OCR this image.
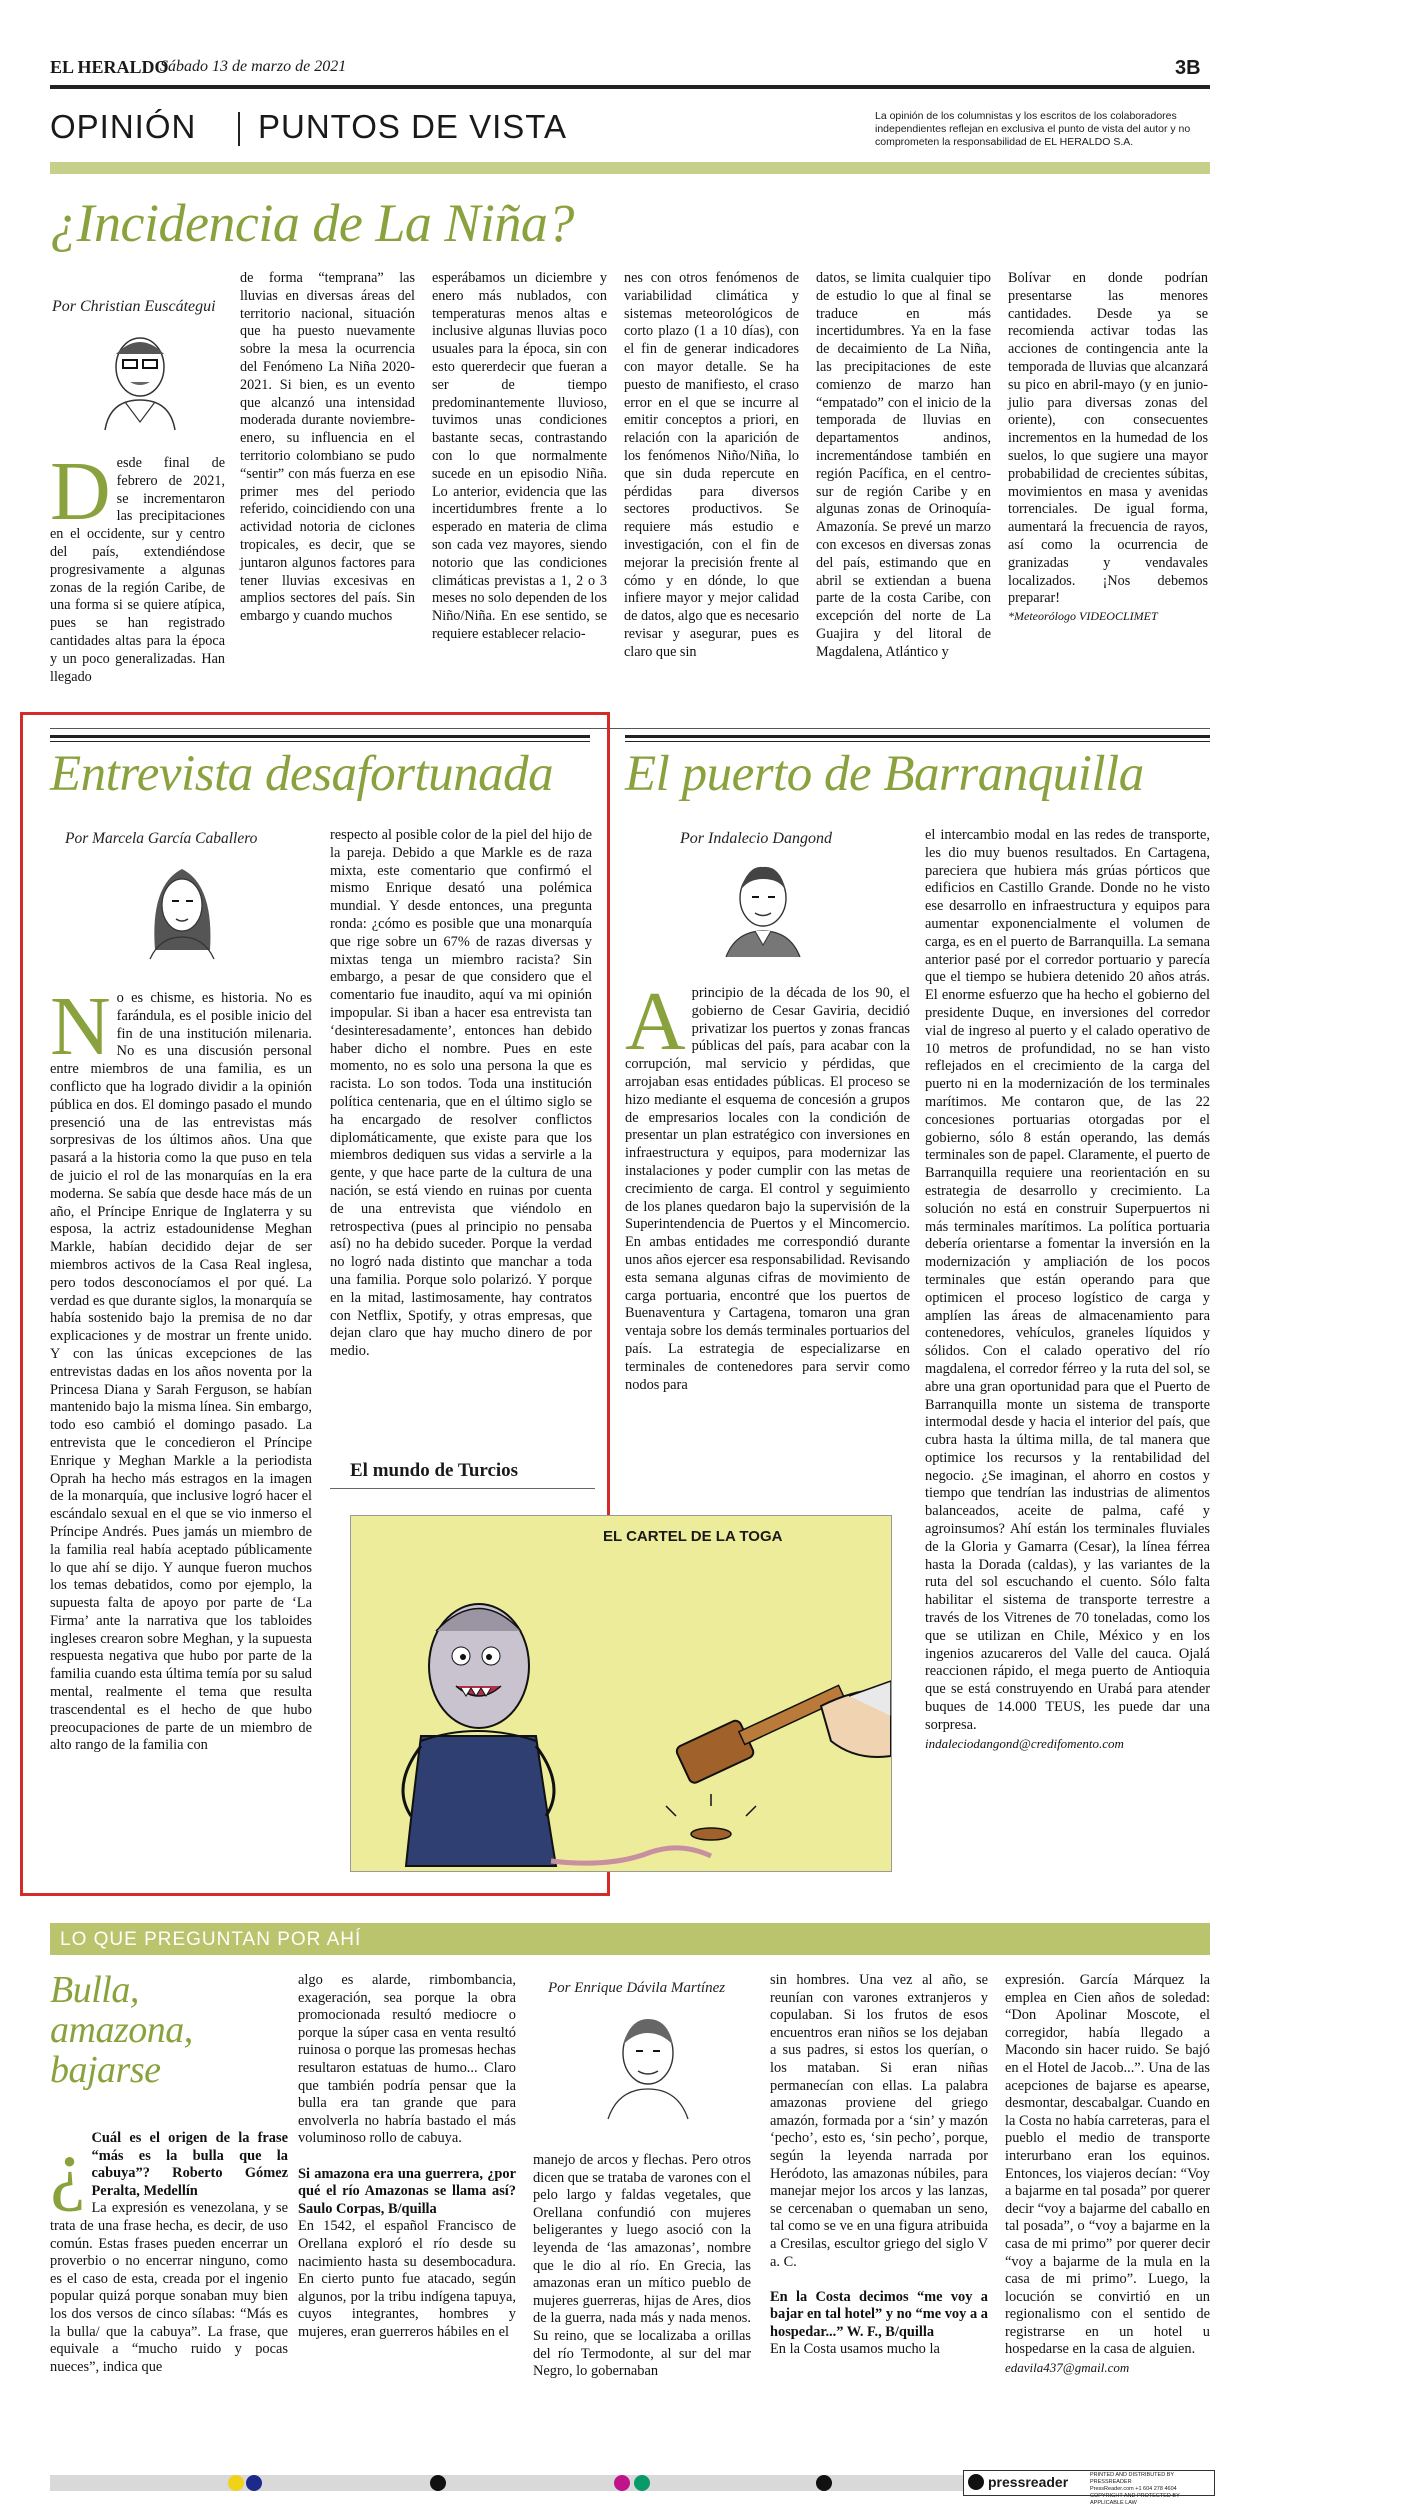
EL HERALDO
Sábado 13 de marzo de 2021	3B
OPINIÓN PUNTOS DE VISTA	La opinión de los columnistas y los escritos de los colaboradores independientes reflejan en exclusiva el punto de vista del autor y no comprometen la responsabilidad de EL HERALDO S.A.
¿Incidencia de La Niña?
Por Christian Euscátegui
Desde final de febrero de 2021, se incrementaron las precipitaciones en el occidente, sur y centro del país, extendiéndose progresivamente a algunas zonas de la región Caribe, de una forma si se quiere atípica, pues se han registrado cantidades altas para la época y un poco generalizadas. Han llegado
de forma “temprana” las lluvias en diversas áreas del territorio nacional, situación que ha puesto nuevamente sobre la mesa la ocurrencia del Fenómeno La Niña 2020-2021. Si bien, es un evento que alcanzó una intensidad moderada durante noviembre-enero, su influencia en el territorio colombiano se pudo “sentir” con más fuerza en ese primer mes del periodo referido, coincidiendo con una actividad notoria de ciclones tropicales, es decir, que se juntaron algunos factores para tener lluvias excesivas en amplios sectores del país. Sin embargo y cuando muchos
esperábamos un diciembre y enero más nublados, con temperaturas menos altas e inclusive algunas lluvias poco usuales para la época, sin con esto quererdecir que fueran a ser de tiempo predominantemente lluvioso, tuvimos unas condiciones bastante secas, contrastando con lo que normalmente sucede en un episodio Niña. Lo anterior, evidencia que las incertidumbres frente a lo esperado en materia de clima son cada vez mayores, siendo notorio que las condiciones climáticas previstas a 1, 2 o 3 meses no solo dependen de los Niño/Niña. En ese sentido, se requiere establecer relacio-
nes con otros fenómenos de variabilidad climática y sistemas meteorológicos de corto plazo (1 a 10 días), con el fin de generar indicadores con mayor detalle. Se ha puesto de manifiesto, el craso error en el que se incurre al emitir conceptos a priori, en relación con la aparición de los fenómenos Niño/Niña, lo que sin duda repercute en pérdidas para diversos sectores productivos. Se requiere más estudio e investigación, con el fin de mejorar la precisión frente al cómo y en dónde, lo que infiere mayor y mejor calidad de datos, algo que es necesario revisar y asegurar, pues es claro que sin
datos, se limita cualquier tipo de estudio lo que al final se traduce en más incertidumbres. Ya en la fase de decaimiento de La Niña, las precipitaciones de este comienzo de marzo han “empatado” con el inicio de la temporada de lluvias en departamentos andinos, incrementándose también en región Pacífica, en el centro-sur de región Caribe y en algunas zonas de Orinoquía-Amazonía. Se prevé un marzo con excesos en diversas zonas del país, estimando que en abril se extiendan a buena parte de la costa Caribe, con excepción del norte de La Guajira y del litoral de Magdalena, Atlántico y
Bolívar en donde podrían presentarse las menores cantidades. Desde ya se recomienda activar todas las acciones de contingencia ante la temporada de lluvias que alcanzará su pico en abril-mayo (y en junio-julio para diversas zonas del oriente), con consecuentes incrementos en la humedad de los suelos, lo que sugiere una mayor probabilidad de crecientes súbitas, movimientos en masa y avenidas torrenciales. De igual forma, aumentará la frecuencia de rayos, así como la ocurrencia de granizadas y vendavales localizados. ¡Nos debemos preparar!
*Meteorólogo VIDEOCLIMET
Entrevista desafortunada
Por Marcela García Caballero
No es chisme, es historia. No es farándula, es el posible inicio del fin de una institución milenaria. No es una discusión personal entre miembros de una familia, es un conflicto que ha logrado dividir a la opinión pública en dos. El domingo pasado el mundo presenció una de las entrevistas más sorpresivas de los últimos años. Una que pasará a la historia como la que puso en tela de juicio el rol de las monarquías en la era moderna. Se sabía que desde hace más de un año, el Príncipe Enrique de Inglaterra y su esposa, la actriz estadounidense Meghan Markle, habían decidido dejar de ser miembros activos de la Casa Real inglesa, pero todos desconocíamos el por qué. La verdad es que durante siglos, la monarquía se había sostenido bajo la premisa de no dar explicaciones y de mostrar un frente unido. Y con las únicas excepciones de las entrevistas dadas en los años noventa por la Princesa Diana y Sarah Ferguson, se habían mantenido bajo la misma línea. Sin embargo, todo eso cambió el domingo pasado. La entrevista que le concedieron el Príncipe Enrique y Meghan Markle a la periodista Oprah ha hecho más estragos en la imagen de la monarquía, que inclusive logró hacer el escándalo sexual en el que se vio inmerso el Príncipe Andrés. Pues jamás un miembro de la familia real había aceptado públicamente lo que ahí se dijo. Y aunque fueron muchos los temas debatidos, como por ejemplo, la supuesta falta de apoyo por parte de ‘La Firma’ ante la narrativa que los tabloides ingleses crearon sobre Meghan, y la supuesta respuesta negativa que hubo por parte de la familia cuando esta última temía por su salud mental, realmente el tema que resulta trascendental es el hecho de que hubo preocupaciones de parte de un miembro de alto rango de la familia con
respecto al posible color de la piel del hijo de la pareja. Debido a que Markle es de raza mixta, este comentario que confirmó el mismo Enrique desató una polémica mundial. Y desde entonces, una pregunta ronda: ¿cómo es posible que una monarquía que rige sobre un 67% de razas diversas y mixtas tenga un miembro racista? Sin embargo, a pesar de que considero que el comentario fue inaudito, aquí va mi opinión impopular. Si iban a hacer esa entrevista tan ‘desinteresadamente’, entonces han debido haber dicho el nombre. Pues en este momento, no es solo una persona la que es racista. Lo son todos. Toda una institución política centenaria, que en el último siglo se ha encargado de resolver conflictos diplomáticamente, que existe para que los miembros dediquen sus vidas a servirle a la gente, y que hace parte de la cultura de una nación, se está viendo en ruinas por cuenta de una entrevista que viéndolo en retrospectiva (pues al principio no pensaba así) no ha debido suceder. Porque la verdad no logró nada distinto que manchar a toda una familia. Porque solo polarizó. Y porque en la mitad, lastimosamente, hay contratos con Netflix, Spotify, y otras empresas, que dejan claro que hay mucho dinero de por medio.
El mundo de Turcios
EL CARTEL DE LA TOGA
El puerto de Barranquilla
Por Indalecio Dangond
Aprincipio de la década de los 90, el gobierno de Cesar Gaviria, decidió privatizar los puertos y zonas francas públicas del país, para acabar con la corrupción, mal servicio y pérdidas, que arrojaban esas entidades públicas. El proceso se hizo mediante el esquema de concesión a grupos de empresarios locales con la condición de presentar un plan estratégico con inversiones en infraestructura y equipos, para modernizar las instalaciones y poder cumplir con las metas de crecimiento de carga. El control y seguimiento de los planes quedaron bajo la supervisión de la Superintendencia de Puertos y el Mincomercio. En ambas entidades me correspondió durante unos años ejercer esa responsabilidad. Revisando esta semana algunas cifras de movimiento de carga portuaria, encontré que los puertos de Buenaventura y Cartagena, tomaron una gran ventaja sobre los demás terminales portuarios del país. La estrategia de especializarse en terminales de contenedores para servir como nodos para
el intercambio modal en las redes de transporte, les dio muy buenos resultados. En Cartagena, pareciera que hubiera más grúas pórticos que edificios en Castillo Grande. Donde no he visto ese desarrollo en infraestructura y equipos para aumentar exponencialmente el volumen de carga, es en el puerto de Barranquilla. La semana anterior pasé por el corredor portuario y parecía que el tiempo se hubiera detenido 20 años atrás. El enorme esfuerzo que ha hecho el gobierno del presidente Duque, en inversiones del corredor vial de ingreso al puerto y el calado operativo de 10 metros de profundidad, no se han visto reflejados en el crecimiento de la carga del puerto ni en la modernización de los terminales marítimos. Me contaron que, de las 22 concesiones portuarias otorgadas por el gobierno, sólo 8 están operando, las demás terminales son de papel. Claramente, el puerto de Barranquilla requiere una reorientación en su estrategia de desarrollo y crecimiento. La solución no está en construir Superpuertos ni más terminales marítimos. La política portuaria debería orientarse a fomentar la inversión en la modernización y ampliación de los pocos terminales que están operando para que optimicen el proceso logístico de carga y amplíen las áreas de almacenamiento para contenedores, vehículos, graneles líquidos y sólidos. Con el calado operativo del río magdalena, el corredor férreo y la ruta del sol, se abre una gran oportunidad para que el Puerto de Barranquilla monte un sistema de transporte intermodal desde y hacia el interior del país, que cubra hasta la última milla, de tal manera que optimice los recursos y la rentabilidad del negocio. ¿Se imaginan, el ahorro en costos y tiempo que tendrían las industrias de alimentos balanceados, aceite de palma, café y agroinsumos? Ahí están los terminales fluviales de la Gloria y Gamarra (Cesar), la línea férrea hasta la Dorada (caldas), y las variantes de la ruta del sol escuchando el cuento. Sólo falta habilitar el sistema de transporte terrestre a través de los Vitrenes de 70 toneladas, como los que se utilizan en Chile, México y en los ingenios azucareros del Valle del cauca. Ojalá reaccionen rápido, el mega puerto de Antioquia que se está construyendo en Urabá para atender buques de 14.000 TEUS, les puede dar una sorpresa.
indaleciodangond@credifomento.com
LO QUE PREGUNTAN POR AHÍ
Bulla,
amazona,
bajarse
¿ Cuál es el origen de la frase “más es la bulla que la cabuya”? Roberto Gómez Peralta, Medellín
La expresión es venezolana, y se trata de una frase hecha, es decir, de uso común. Estas frases pueden encerrar un proverbio o no encerrar ninguno, como es el caso de esta, creada por el ingenio popular quizá porque sonaban muy bien los dos versos de cinco sílabas: “Más es la bulla/ que la cabuya”. La frase, que equivale a “mucho ruido y pocas nueces”, indica que
algo es alarde, rimbombancia, exageración, sea porque la obra promocionada resultó mediocre o porque la súper casa en venta resultó ruinosa o porque las promesas hechas resultaron estatuas de humo... Claro que también podría pensar que la bulla era tan grande que para envolverla no habría bastado el más voluminoso rollo de cabuya.

Si amazona era una guerrera, ¿por qué el río Amazonas se llama así? Saulo Corpas, B/quilla
En 1542, el español Francisco de Orellana exploró el río desde su nacimiento hasta su desembocadura. En cierto punto fue atacado, según algunos, por la tribu indígena tapuya, cuyos integrantes, hombres y mujeres, eran guerreros hábiles en el
Por Enrique Dávila Martínez
manejo de arcos y flechas. Pero otros dicen que se trataba de varones con el pelo largo y faldas vegetales, que Orellana confundió con mujeres beligerantes y luego asoció con la leyenda de ‘las amazonas’, nombre que le dio al río. En Grecia, las amazonas eran un mítico pueblo de mujeres guerreras, hijas de Ares, dios de la guerra, nada más y nada menos. Su reino, que se localizaba a orillas del río Termodonte, al sur del mar Negro, lo gobernaban
sin hombres. Una vez al año, se reunían con varones extranjeros y copulaban. Si los frutos de esos encuentros eran niños se los dejaban a sus padres, si estos los querían, o los mataban. Si eran niñas permanecían con ellas. La palabra amazonas proviene del griego amazón, formada por a ‘sin’ y mazón ‘pecho’, esto es, ‘sin pecho’, porque, según la leyenda narrada por Heródoto, las amazonas núbiles, para manejar mejor los arcos y las lanzas, se cercenaban o quemaban un seno, tal como se ve en una figura atribuida a Cresilas, escultor griego del siglo V a. C.

En la Costa decimos “me voy a bajar en tal hotel” y no “me voy a a hospedar...” W. F., B/quilla
En la Costa usamos mucho la
expresión. García Márquez la emplea en Cien años de soledad: “Don Apolinar Moscote, el corregidor, había llegado a Macondo sin hacer ruido. Se bajó en el Hotel de Jacob...”. Una de las acepciones de bajarse es apearse, desmontar, descabalgar. Cuando en la Costa no había carreteras, para el pueblo el medio de transporte interurbano eran los equinos. Entonces, los viajeros decían: “Voy a bajarme en tal posada” por querer decir “voy a bajarme del caballo en tal posada”, o “voy a bajarme en la casa de mi primo” por querer decir “voy a bajarme de la mula en la casa de mi primo”. Luego, la locución se convirtió en un regionalismo con el sentido de registrarse en un hotel u hospedarse en la casa de alguien.
edavila437@gmail.com
pressreader	PRINTED AND DISTRIBUTED BY PRESSREADER
PressReader.com +1 604 278 4604
COPYRIGHT AND PROTECTED BY APPLICABLE LAW
